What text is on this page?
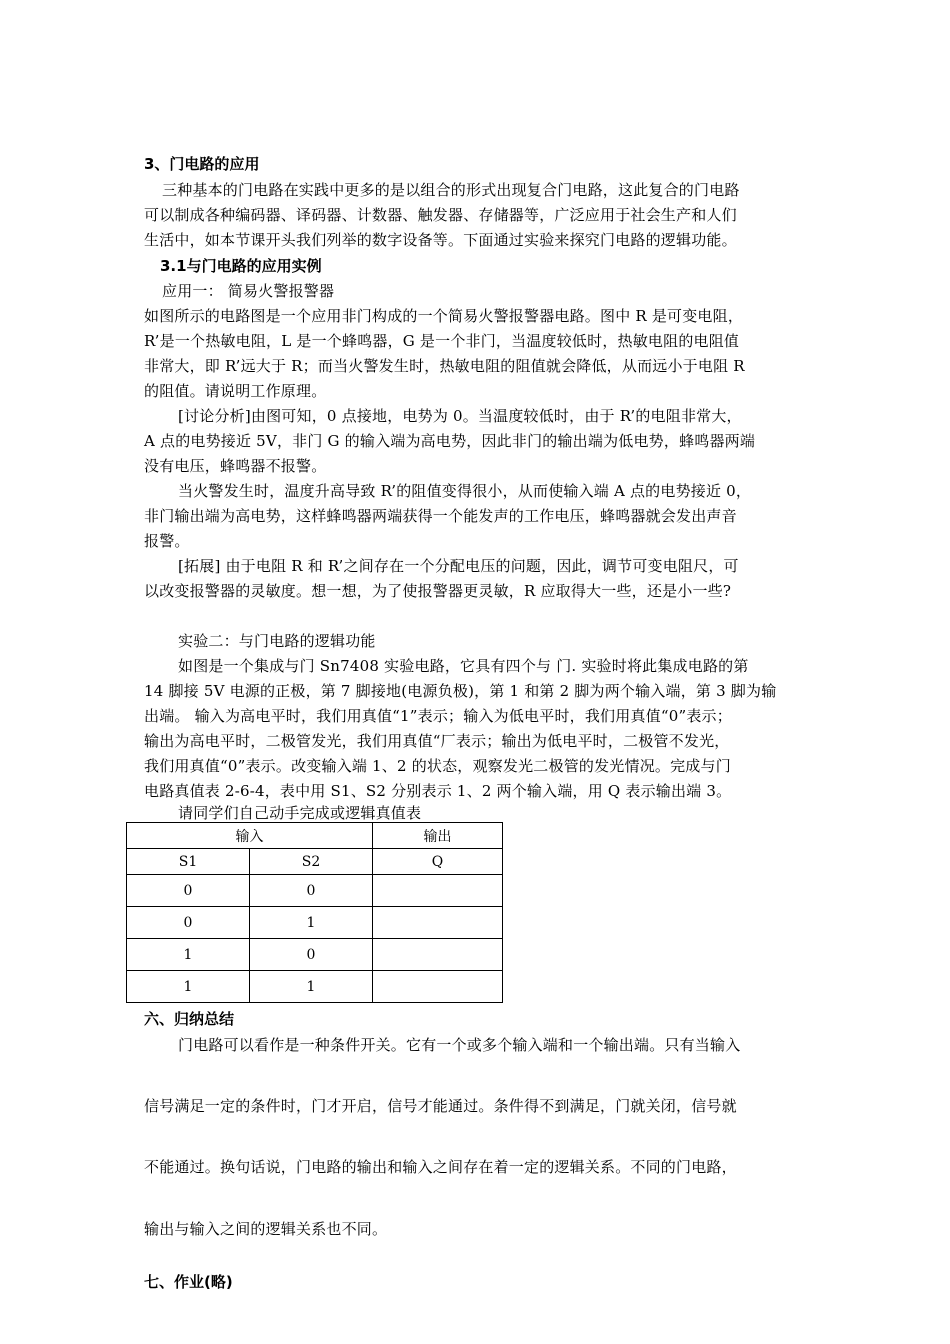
3、门电路的应用
三种基本的门电路在实践中更多的是以组合的形式出现复合门电路，这此复合的门电路
可以制成各种编码器、译码器、计数器、触发器、存储器等，广泛应用于社会生产和人们
生活中，如本节课开头我们列举的数字设备等。下面通过实验来探究门电路的逻辑功能。
3.1与门电路的应用实例
应用一： 简易火警报警器
如图所示的电路图是一个应用非门构成的一个简易火警报警器电路。图中 R 是可变电阻，
R’是一个热敏电阻，L 是一个蜂鸣器，G 是一个非门，当温度较低时，热敏电阻的电阻值
非常大，即 R’远大于 R；而当火警发生时，热敏电阻的阻值就会降低，从而远小于电阻 R
的阻值。请说明工作原理。
[讨论分析]由图可知，0 点接地，电势为 0。当温度较低时，由于 R’的电阻非常大，
A 点的电势接近 5V，非门 G 的输入端为高电势，因此非门的输出端为低电势，蜂鸣器两端
没有电压，蜂鸣器不报警。
当火警发生时，温度升高导致 R’的阻值变得很小，从而使输入端 A 点的电势接近 0，
非门输出端为高电势，这样蜂鸣器两端获得一个能发声的工作电压，蜂鸣器就会发出声音
报警。
[拓展] 由于电阻 R 和 R’之间存在一个分配电压的问题，因此，调节可变电阻尺，可
以改变报警器的灵敏度。想一想，为了使报警器更灵敏，R 应取得大一些，还是小一些?
实验二：与门电路的逻辑功能
如图是一个集成与门 Sn7408 实验电路，它具有四个与 门. 实验时将此集成电路的第
14 脚接 5V 电源的正极，第 7 脚接地(电源负极)，第 1 和第 2 脚为两个输入端，第 3 脚为输
出端。 输入为高电平时，我们用真值“1”表示；输入为低电平时，我们用真值“0”表示；
输出为高电平时，二极管发光，我们用真值“厂表示；输出为低电平时，二极管不发光，
我们用真值“0”表示。改变输入端 1、2 的状态，观察发光二极管的发光情况。完成与门
电路真值表 2-6-4，表中用 S1、S2 分别表示 1、2 两个输入端，用 Q 表示输出端 3。
请同学们自己动手完成或逻辑真值表
输入		输出
S1	S2	Q
0	0	
0	1	
1	0	
1	1	
六、归纳总结
门电路可以看作是一种条件开关。它有一个或多个输入端和一个输出端。只有当输入
信号满足一定的条件时，门才开启，信号才能通过。条件得不到满足，门就关闭，信号就
不能通过。换句话说，门电路的输出和输入之间存在着一定的逻辑关系。不同的门电路，
输出与输入之间的逻辑关系也不同。
七、作业(略)
